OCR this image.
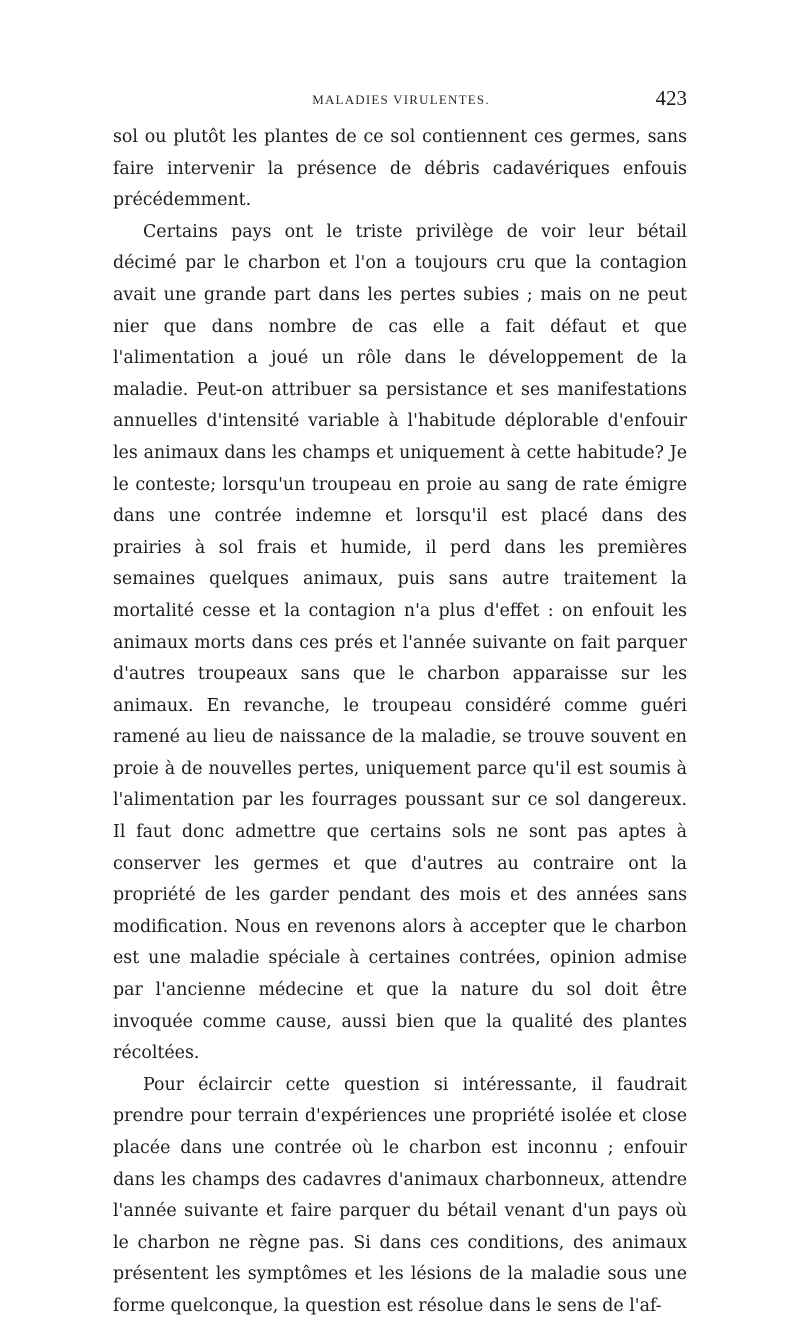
MALADIES VIRULENTES.	423

sol ou plutôt les plantes de ce sol contiennent ces germes, sans faire intervenir la présence de débris cadavériques enfouis précédemment.

Certains pays ont le triste privilège de voir leur bétail décimé par le charbon et l'on a toujours cru que la contagion avait une grande part dans les pertes subies ; mais on ne peut nier que dans nombre de cas elle a fait défaut et que l'alimentation a joué un rôle dans le développement de la maladie. Peut-on attribuer sa persistance et ses manifestations annuelles d'intensité variable à l'habitude déplorable d'enfouir les animaux dans les champs et uniquement à cette habitude? Je le conteste; lorsqu'un troupeau en proie au sang de rate émigre dans une contrée indemne et lorsqu'il est placé dans des prairies à sol frais et humide, il perd dans les premières semaines quelques animaux, puis sans autre traitement la mortalité cesse et la contagion n'a plus d'effet : on enfouit les animaux morts dans ces prés et l'année suivante on fait parquer d'autres troupeaux sans que le charbon apparaisse sur les animaux. En revanche, le troupeau considéré comme guéri ramené au lieu de naissance de la maladie, se trouve souvent en proie à de nouvelles pertes, uniquement parce qu'il est soumis à l'alimentation par les fourrages poussant sur ce sol dangereux. Il faut donc admettre que certains sols ne sont pas aptes à conserver les germes et que d'autres au contraire ont la propriété de les garder pendant des mois et des années sans modification. Nous en revenons alors à accepter que le charbon est une maladie spéciale à certaines contrées, opinion admise par l'ancienne médecine et que la nature du sol doit être invoquée comme cause, aussi bien que la qualité des plantes récoltées.

Pour éclaircir cette question si intéressante, il faudrait prendre pour terrain d'expériences une propriété isolée et close placée dans une contrée où le charbon est inconnu ; enfouir dans les champs des cadavres d'animaux charbonneux, attendre l'année suivante et faire parquer du bétail venant d'un pays où le charbon ne règne pas. Si dans ces conditions, des animaux présentent les symptômes et les lésions de la maladie sous une forme quelconque, la question est résolue dans le sens de l'af-
